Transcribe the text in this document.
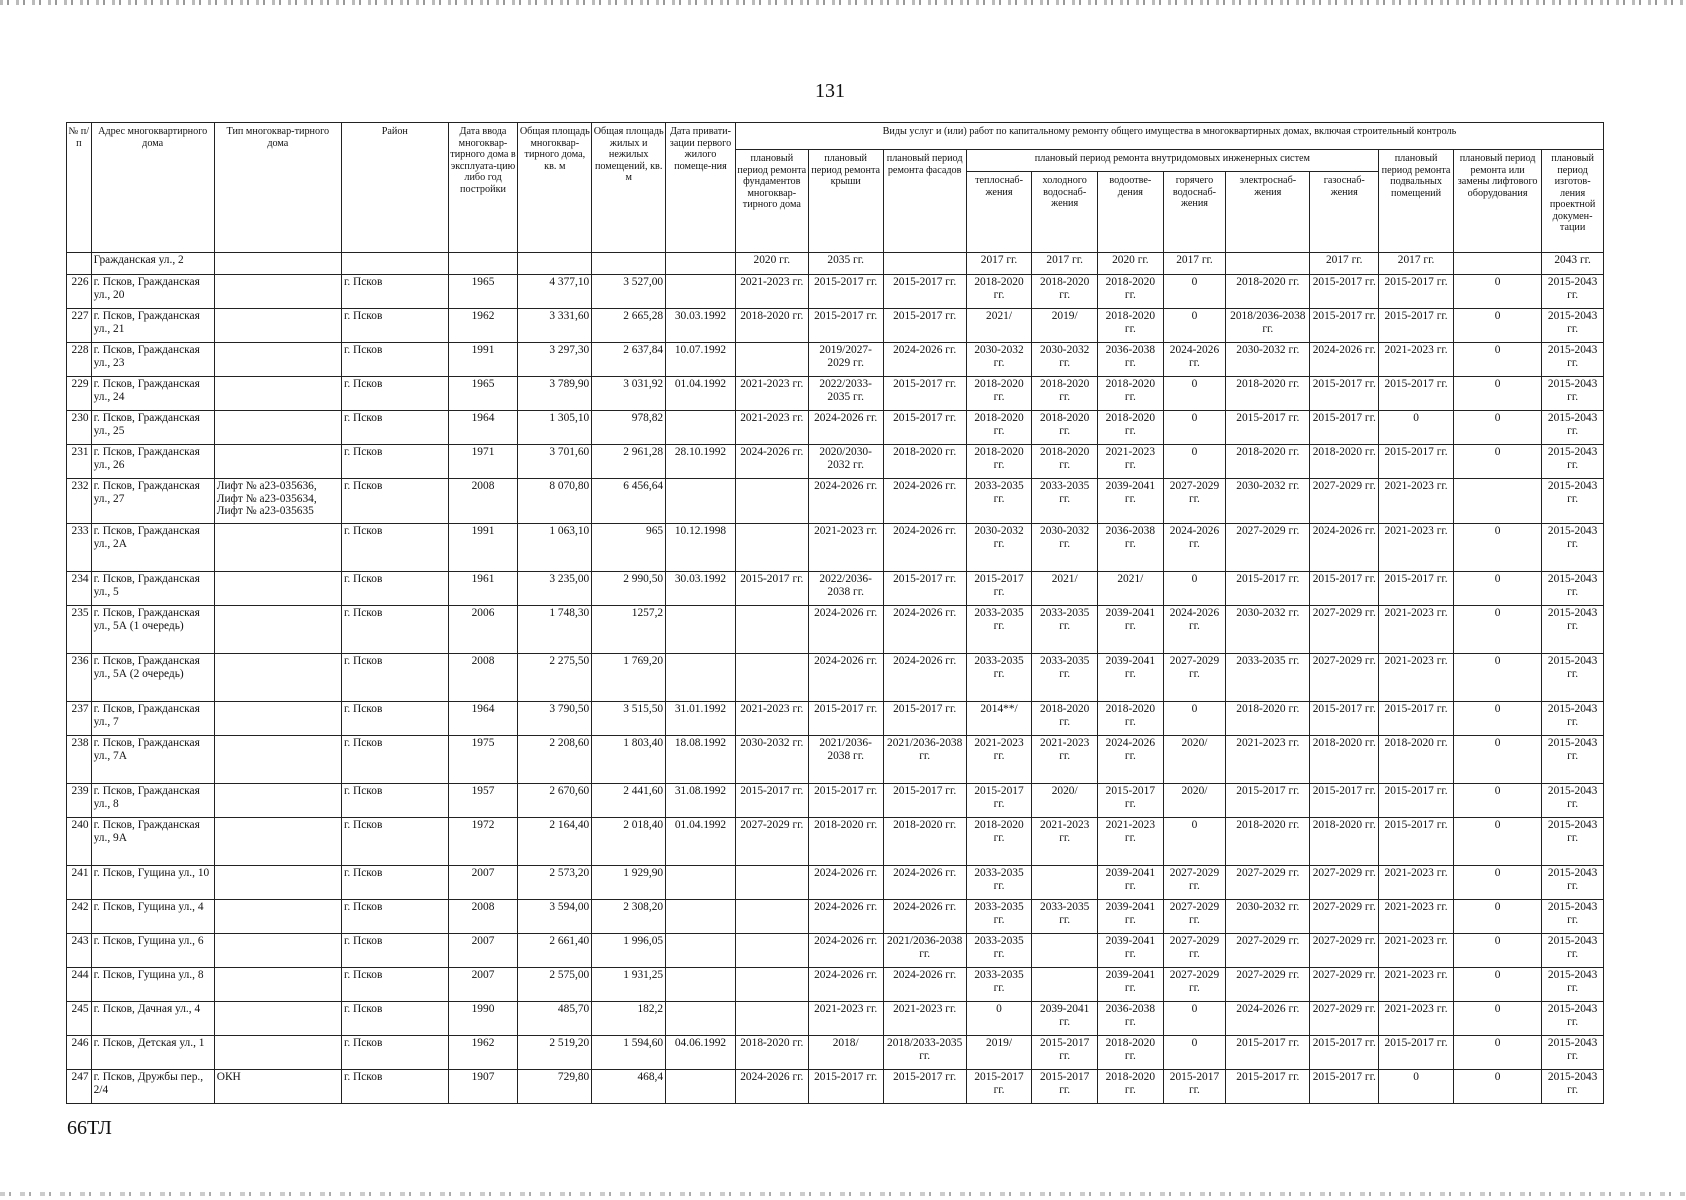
131
№ п/п	Адрес многоквартирного дома	Тип многоквар-тирного дома	Район	Дата ввода многоквар-тирного дома в эксплуата-цию либо год постройки	Общая площадь многоквар-тирного дома, кв. м	Общая площадь жилых и нежилых помещений, кв. м	Дата привати-зации первого жилого помеще-ния	Виды услуг и (или) работ по капитальному ремонту общего имущества в многоквартирных домах, включая строительный контроль											
								плановый период ремонта фундаментов многоквар-тирного дома	плановый период ремонта крыши	плановый период ремонта фасадов	плановый период ремонта внутридомовых инженерных систем						плановый период ремонта подвальных помещений	плановый период ремонта или замены лифтового оборудования	плановый период изготов-ления проектной докумен-тации
											теплоснаб-жения	холодного водоснаб-жения	водоотве-дения	горячего водоснаб-жения	электроснаб-жения	газоснаб-жения			
	Гражданская ул., 2							2020 гг.	2035 гг.		2017 гг.	2017 гг.	2020 гг.	2017 гг.		2017 гг.	2017 гг.		2043 гг.
226	г. Псков, Гражданская ул., 20		г. Псков	1965	4 377,10	3 527,00		2021-2023 гг.	2015-2017 гг.	2015-2017 гг.	2018-2020 гг.	2018-2020 гг.	2018-2020 гг.	0	2018-2020 гг.	2015-2017 гг.	2015-2017 гг.	0	2015-2043 гг.
227	г. Псков, Гражданская ул., 21		г. Псков	1962	3 331,60	2 665,28	30.03.1992	2018-2020 гг.	2015-2017 гг.	2015-2017 гг.	2021/	2019/	2018-2020 гг.	0	2018/2036-2038 гг.	2015-2017 гг.	2015-2017 гг.	0	2015-2043 гг.
228	г. Псков, Гражданская ул., 23		г. Псков	1991	3 297,30	2 637,84	10.07.1992		2019/2027-2029 гг.	2024-2026 гг.	2030-2032 гг.	2030-2032 гг.	2036-2038 гг.	2024-2026 гг.	2030-2032 гг.	2024-2026 гг.	2021-2023 гг.	0	2015-2043 гг.
229	г. Псков, Гражданская ул., 24		г. Псков	1965	3 789,90	3 031,92	01.04.1992	2021-2023 гг.	2022/2033-2035 гг.	2015-2017 гг.	2018-2020 гг.	2018-2020 гг.	2018-2020 гг.	0	2018-2020 гг.	2015-2017 гг.	2015-2017 гг.	0	2015-2043 гг.
230	г. Псков, Гражданская ул., 25		г. Псков	1964	1 305,10	978,82		2021-2023 гг.	2024-2026 гг.	2015-2017 гг.	2018-2020 гг.	2018-2020 гг.	2018-2020 гг.	0	2015-2017 гг.	2015-2017 гг.	0	0	2015-2043 гг.
231	г. Псков, Гражданская ул., 26		г. Псков	1971	3 701,60	2 961,28	28.10.1992	2024-2026 гг.	2020/2030-2032 гг.	2018-2020 гг.	2018-2020 гг.	2018-2020 гг.	2021-2023 гг.	0	2018-2020 гг.	2018-2020 гг.	2015-2017 гг.	0	2015-2043 гг.
232	г. Псков, Гражданская ул., 27	Лифт № а23-035636, Лифт № а23-035634, Лифт № а23-035635	г. Псков	2008	8 070,80	6 456,64			2024-2026 гг.	2024-2026 гг.	2033-2035 гг.	2033-2035 гг.	2039-2041 гг.	2027-2029 гг.	2030-2032 гг.	2027-2029 гг.	2021-2023 гг.		2015-2043 гг.
233	г. Псков, Гражданская ул., 2А		г. Псков	1991	1 063,10	965	10.12.1998		2021-2023 гг.	2024-2026 гг.	2030-2032 гг.	2030-2032 гг.	2036-2038 гг.	2024-2026 гг.	2027-2029 гг.	2024-2026 гг.	2021-2023 гг.	0	2015-2043 гг.
234	г. Псков, Гражданская ул., 5		г. Псков	1961	3 235,00	2 990,50	30.03.1992	2015-2017 гг.	2022/2036-2038 гг.	2015-2017 гг.	2015-2017 гг.	2021/	2021/	0	2015-2017 гг.	2015-2017 гг.	2015-2017 гг.	0	2015-2043 гг.
235	г. Псков, Гражданская ул., 5А (1 очередь)		г. Псков	2006	1 748,30	1257,2			2024-2026 гг.	2024-2026 гг.	2033-2035 гг.	2033-2035 гг.	2039-2041 гг.	2024-2026 гг.	2030-2032 гг.	2027-2029 гг.	2021-2023 гг.	0	2015-2043 гг.
236	г. Псков, Гражданская ул., 5А (2 очередь)		г. Псков	2008	2 275,50	1 769,20			2024-2026 гг.	2024-2026 гг.	2033-2035 гг.	2033-2035 гг.	2039-2041 гг.	2027-2029 гг.	2033-2035 гг.	2027-2029 гг.	2021-2023 гг.	0	2015-2043 гг.
237	г. Псков, Гражданская ул., 7		г. Псков	1964	3 790,50	3 515,50	31.01.1992	2021-2023 гг.	2015-2017 гг.	2015-2017 гг.	2014**/	2018-2020 гг.	2018-2020 гг.	0	2018-2020 гг.	2015-2017 гг.	2015-2017 гг.	0	2015-2043 гг.
238	г. Псков, Гражданская ул., 7А		г. Псков	1975	2 208,60	1 803,40	18.08.1992	2030-2032 гг.	2021/2036-2038 гг.	2021/2036-2038 гг.	2021-2023 гг.	2021-2023 гг.	2024-2026 гг.	2020/	2021-2023 гг.	2018-2020 гг.	2018-2020 гг.	0	2015-2043 гг.
239	г. Псков, Гражданская ул., 8		г. Псков	1957	2 670,60	2 441,60	31.08.1992	2015-2017 гг.	2015-2017 гг.	2015-2017 гг.	2015-2017 гг.	2020/	2015-2017 гг.	2020/	2015-2017 гг.	2015-2017 гг.	2015-2017 гг.	0	2015-2043 гг.
240	г. Псков, Гражданская ул., 9А		г. Псков	1972	2 164,40	2 018,40	01.04.1992	2027-2029 гг.	2018-2020 гг.	2018-2020 гг.	2018-2020 гг.	2021-2023 гг.	2021-2023 гг.	0	2018-2020 гг.	2018-2020 гг.	2015-2017 гг.	0	2015-2043 гг.
241	г. Псков, Гущина ул., 10		г. Псков	2007	2 573,20	1 929,90			2024-2026 гг.	2024-2026 гг.	2033-2035 гг.		2039-2041 гг.	2027-2029 гг.	2027-2029 гг.	2027-2029 гг.	2021-2023 гг.	0	2015-2043 гг.
242	г. Псков, Гущина ул., 4		г. Псков	2008	3 594,00	2 308,20			2024-2026 гг.	2024-2026 гг.	2033-2035 гг.	2033-2035 гг.	2039-2041 гг.	2027-2029 гг.	2030-2032 гг.	2027-2029 гг.	2021-2023 гг.	0	2015-2043 гг.
243	г. Псков, Гущина ул., 6		г. Псков	2007	2 661,40	1 996,05			2024-2026 гг.	2021/2036-2038 гг.	2033-2035 гг.		2039-2041 гг.	2027-2029 гг.	2027-2029 гг.	2027-2029 гг.	2021-2023 гг.	0	2015-2043 гг.
244	г. Псков, Гущина ул., 8		г. Псков	2007	2 575,00	1 931,25			2024-2026 гг.	2024-2026 гг.	2033-2035 гг.		2039-2041 гг.	2027-2029 гг.	2027-2029 гг.	2027-2029 гг.	2021-2023 гг.	0	2015-2043 гг.
245	г. Псков, Дачная ул., 4		г. Псков	1990	485,70	182,2			2021-2023 гг.	2021-2023 гг.	0	2039-2041 гг.	2036-2038 гг.	0	2024-2026 гг.	2027-2029 гг.	2021-2023 гг.	0	2015-2043 гг.
246	г. Псков, Детская ул., 1		г. Псков	1962	2 519,20	1 594,60	04.06.1992	2018-2020 гг.	2018/	2018/2033-2035 гг.	2019/	2015-2017 гг.	2018-2020 гг.	0	2015-2017 гг.	2015-2017 гг.	2015-2017 гг.	0	2015-2043 гг.
247	г. Псков, Дружбы пер., 2/4	ОКН	г. Псков	1907	729,80	468,4		2024-2026 гг.	2015-2017 гг.	2015-2017 гг.	2015-2017 гг.	2015-2017 гг.	2018-2020 гг.	2015-2017 гг.	2015-2017 гг.	2015-2017 гг.	0	0	2015-2043 гг.
66ТЛ
